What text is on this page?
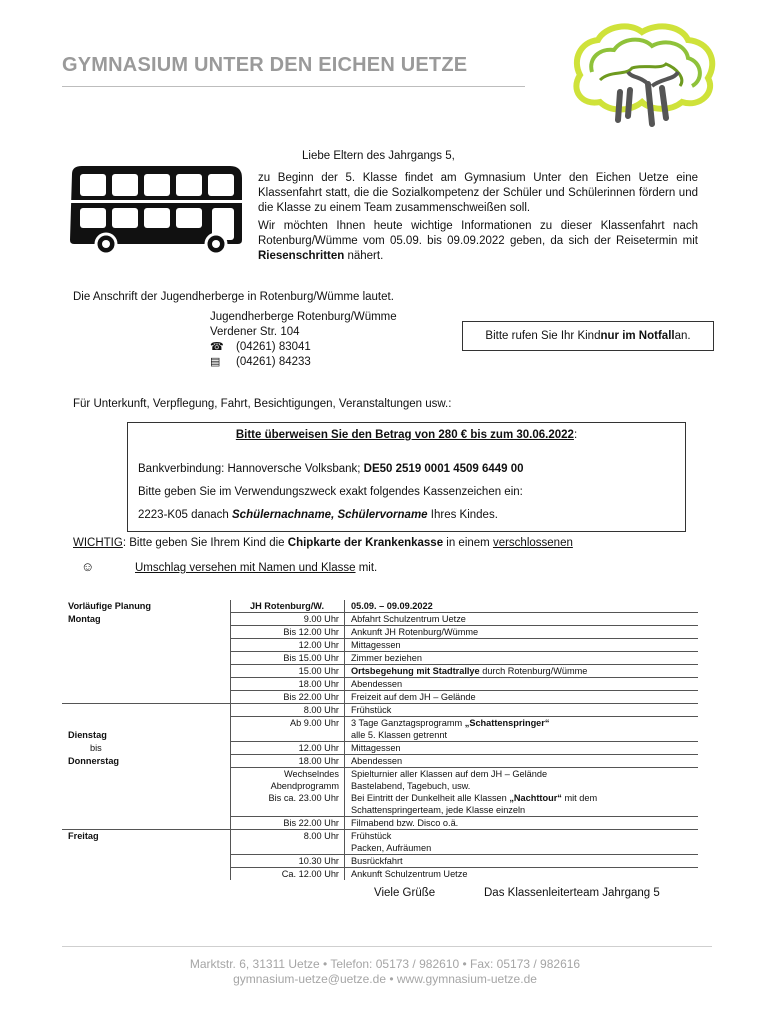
GYMNASIUM UNTER DEN EICHEN UETZE
Liebe Eltern des Jahrgangs 5,
zu Beginn der 5. Klasse findet am Gymnasium Unter den Eichen Uetze eine Klassenfahrt statt, die die Sozialkompetenz der Schüler und Schülerinnen fördern und die Klasse zu einem Team zusammenschweißen soll.
Wir möchten Ihnen heute wichtige Informationen zu dieser Klassenfahrt nach Rotenburg/Wümme vom 05.09. bis 09.09.2022 geben, da sich der Reisetermin mit Riesenschritten nähert.
Die Anschrift der Jugendherberge in Rotenburg/Wümme lautet.
Jugendherberge Rotenburg/Wümme
Verdener Str. 104
☎ (04261) 83041
▤ (04261) 84233
Bitte rufen Sie Ihr Kind nur im Notfall an.
Für Unterkunft, Verpflegung, Fahrt, Besichtigungen, Veranstaltungen usw.:
Bitte überweisen Sie den Betrag von 280 € bis zum 30.06.2022:
Bankverbindung: Hannoversche Volksbank; DE50 2519 0001 4509 6449 00
Bitte geben Sie im Verwendungszweck exakt folgendes Kassenzeichen ein:
2223-K05 danach Schülernachname, Schülervorname Ihres Kindes.
WICHTIG: Bitte geben Sie Ihrem Kind die Chipkarte der Krankenkasse in einem verschlossenen
☺	Umschlag versehen mit Namen und Klasse mit.
Vorläufige Planung	JH Rotenburg/W.	05.09. – 09.09.2022
Montag	9.00 Uhr	Abfahrt Schulzentrum Uetze
	Bis 12.00 Uhr	Ankunft JH Rotenburg/Wümme
	12.00 Uhr	Mittagessen
	Bis 15.00 Uhr	Zimmer beziehen
	15.00 Uhr	Ortsbegehung mit Stadtrallye durch Rotenburg/Wümme
	18.00 Uhr	Abendessen
	Bis 22.00 Uhr	Freizeit auf dem JH – Gelände
	8.00 Uhr	Frühstück
	Ab 9.00 Uhr	3 Tage Ganztagsprogramm „Schattenspringer“
Dienstag		alle 5. Klassen getrennt
bis	12.00 Uhr	Mittagessen
Donnerstag	18.00 Uhr	Abendessen
	Wechselndes	Spielturnier aller Klassen auf dem JH – Gelände
	Abendprogramm	Bastelabend, Tagebuch, usw.
	Bis ca. 23.00 Uhr	Bei Eintritt der Dunkelheit alle Klassen „Nachttour“ mit dem
		Schattenspringerteam, jede Klasse einzeln
	Bis 22.00 Uhr	Filmabend bzw. Disco o.ä.
Freitag	8.00 Uhr	Frühstück
		Packen, Aufräumen
	10.30 Uhr	Busrückfahrt
	Ca. 12.00 Uhr	Ankunft Schulzentrum Uetze
Viele Grüße	Das Klassenleiterteam Jahrgang 5
Marktstr. 6, 31311 Uetze • Telefon: 05173 / 982610 • Fax: 05173 / 982616
gymnasium-uetze@uetze.de • www.gymnasium-uetze.de
